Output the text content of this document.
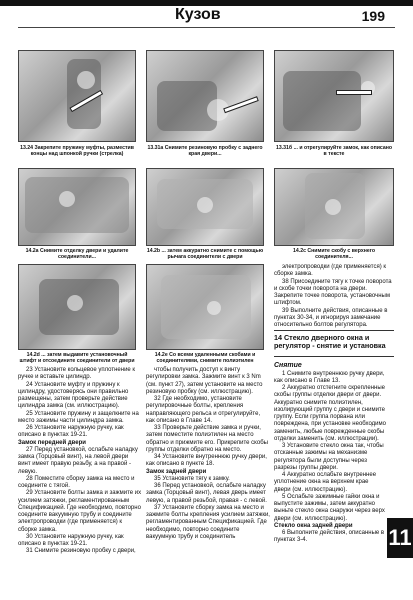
Кузов	199
13.24 Закрепите пружину муфты, разместив концы над шпонкой ручки (стрелка)
13.31а Снимите резиновую пробку с заднего края двери...
13.31б ... и отрегулируйте замок, как описано в тексте
14.2а Снимите отделку двери и удалите соединители...
14.2b ... затем аккуратно снимите с помощью рычага соединители с двери
14.2c Снимите скобу с верхнего соединителя...
14.2d ... затем выдавите установочный штифт и отсоедините соединители от двери
14.2e Со всеми удаленными скобами и соединителями, снимите полиэтилен

23 Установите кольцевое уплотнение к ручке и вставьте цилиндр.

24 Установите муфту и пружину к цилиндру, удостоверясь они правильно размещены, затем проверьте действие цилиндра замка (см. иллюстрацию).

25 Установите пружину и защелкните на место зажимы части цилиндра замка.

26 Установите наружную ручку, как описано в пунктах 19-21.

Замок передней двери

27 Перед установкой, ослабьте наладку замка (Торцовый винт), на левой двери винт имеет правую резьбу, а на правой - левую.

28 Поместите сборку замка на место и соедините с тягой.

29 Установите болты замка и зажмите их усилием затяжки, регламентированным Спецификацией. Где необходимо, повторно соедините вакуумную трубу и соедините электропроводки (где применяется) к сборке замка.

30 Установите наружную ручку, как описано в пунктах 19-21.

31 Снимите резиновую пробку с двери,

чтобы получить доступ к винту регулировки замка. Зажмите винт к 3 Nm (см. пункт 27), затем установите на место резиновую пробку (см. иллюстрацию).

32 Где необходимо, установите регулировочные болты, крепления направляющего рельса и отрегулируйте, как описано в Главе 14.

33 Проверьте действие замка и ручки, затем поместите полиэтилен на место обратно и прижмите его. Прикрепите скобы группы отделки обратно на место.

34 Установите внутреннюю ручку двери, как описано в пункте 18.

Замок задней двери

35 Установите тягу к замку.

36 Перед установкой, ослабьте наладку замка (Торцовый винт), левая дверь имеет левую, а правой резьбой, правая - с левой.

37 Установите сборку замка на место и зажмите болты крепления усилием затяжки, регламентированным Спецификацией. Где необходимо, повторно соедините вакуумную трубу и соединитель

электропроводки (где применяется) к сборке замка.

38 Присоедините тягу к точке поворота и скобе точки поворота на двери. Закрепите точке поворота, установочным штифтом.

39 Выполните действия, описанные в пунктах 30-34, и игнорируя замечание относительно болтов регулятора.

14 Стекло дверного окна и регулятор - снятие и установка

Снятие

1 Снимите внутреннюю ручку двери, как описано в Главе 13.

2 Аккуратно отстегните скрепленные скобы группы отделки двери от двери. Аккуратно снимите полиэтилен, изолирующий группу с двери и снимите группу. Если группа порвана или повреждена, при установке необходимо заменить, любые поврежденные скобы отделки заменить (см. иллюстрации).

3 Установите стекло окна так, чтобы отсканные зажимы на механизме регулятора были доступны через разрезы группы двери.

4 Аккуратно ослабьте внутреннее уплотнение окна на верхнем крае двери (см. иллюстрацию).

5 Ослабьте зажимные гайки окна и выпустите зажимы, затем аккуратно выньте стекло окна снаружи через верх двери (см. иллюстрацию).

Стекло окна задней двери

6 Выполните действия, описанные в пунктах 3-4.	11
